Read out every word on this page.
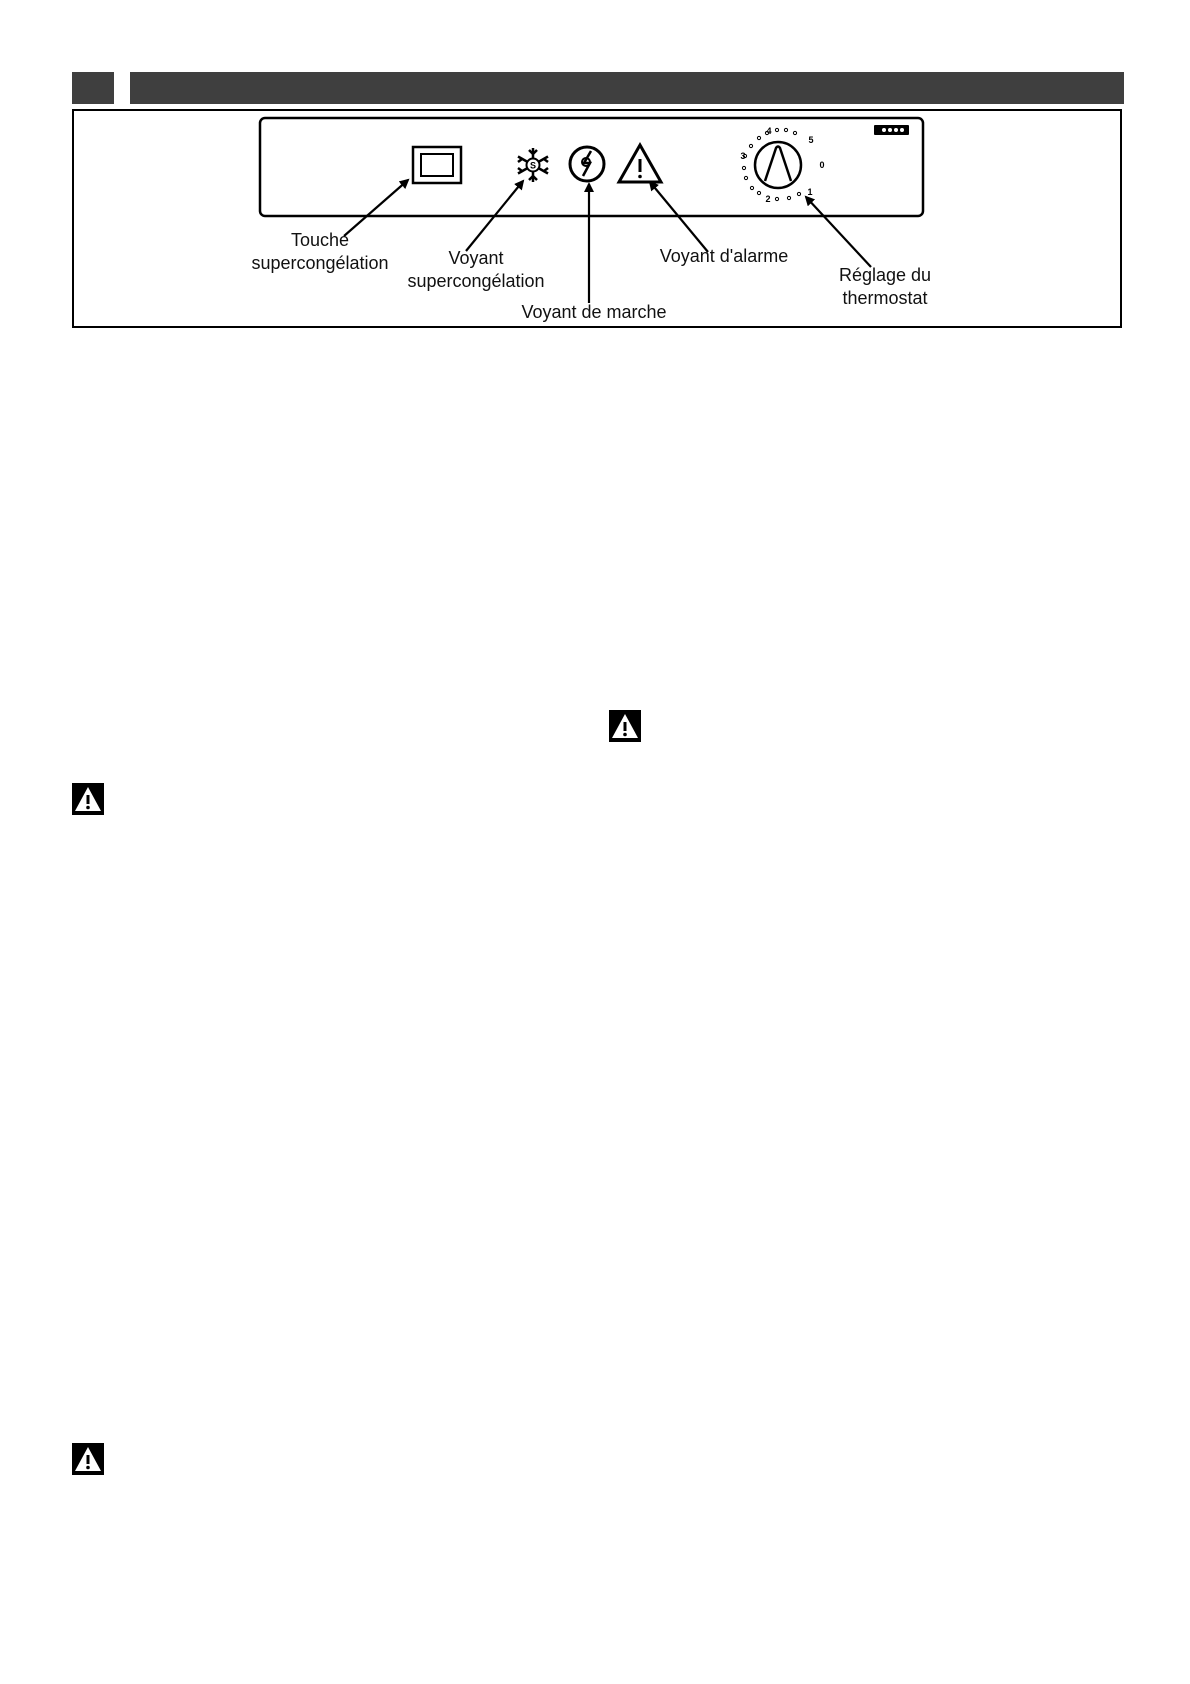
S
4
5
3
0
2
1
Touche
supercongélation	Voyant
supercongélation
Voyant de marche
Voyant d'alarme
Réglage du
thermostat
